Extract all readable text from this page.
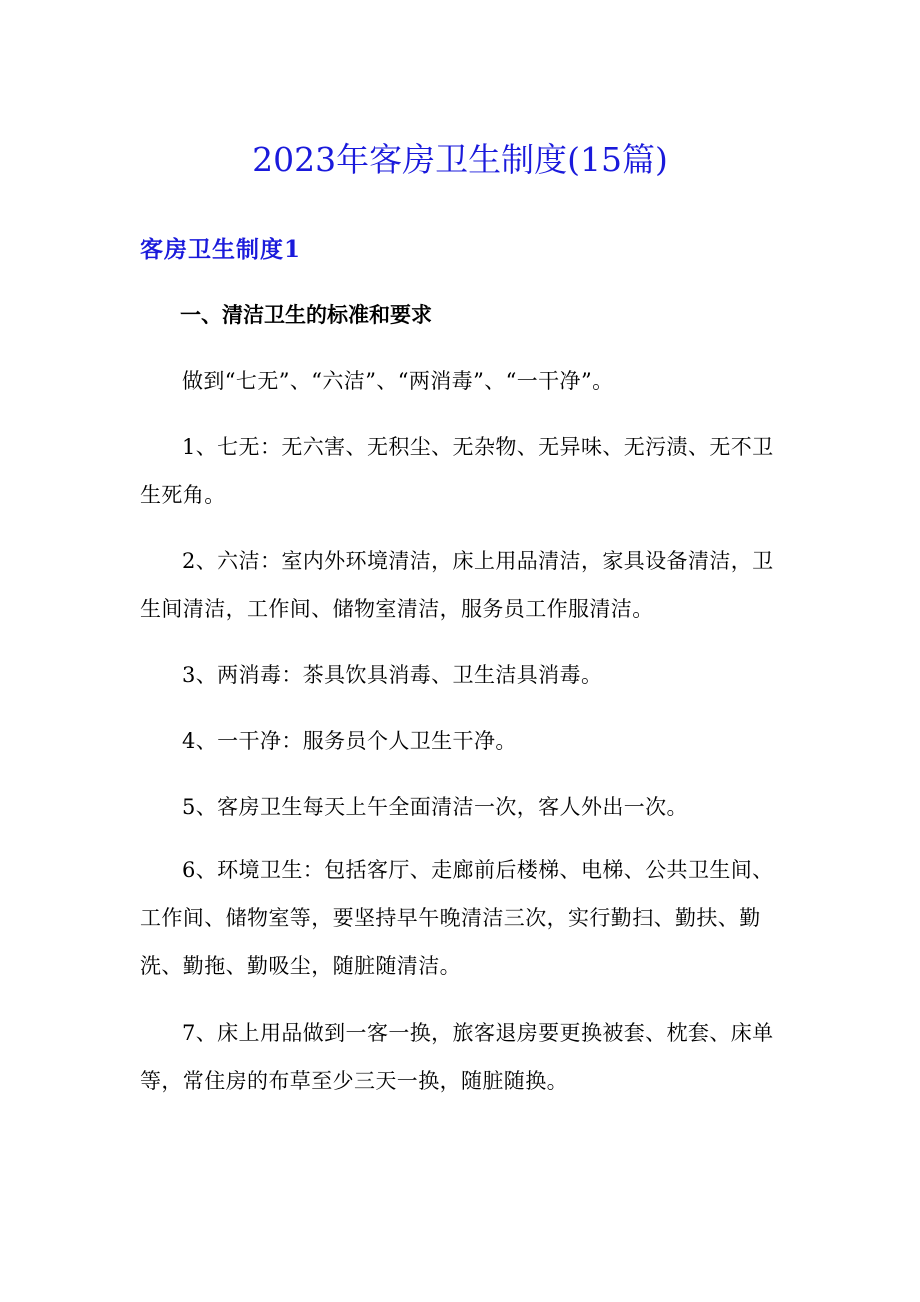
2023年客房卫生制度(15篇)
客房卫生制度1
一、清洁卫生的标准和要求

做到“七无”、“六洁”、“两消毒”、“一干净”。

1、七无：无六害、无积尘、无杂物、无异味、无污渍、无不卫生死角。

2、六洁：室内外环境清洁，床上用品清洁，家具设备清洁，卫生间清洁，工作间、储物室清洁，服务员工作服清洁。

3、两消毒：茶具饮具消毒、卫生洁具消毒。

4、一干净：服务员个人卫生干净。

5、客房卫生每天上午全面清洁一次，客人外出一次。

6、环境卫生：包括客厅、走廊前后楼梯、电梯、公共卫生间、工作间、储物室等，要坚持早午晚清洁三次，实行勤扫、勤扶、勤洗、勤拖、勤吸尘，随脏随清洁。

7、床上用品做到一客一换，旅客退房要更换被套、枕套、床单等，常住房的布草至少三天一换，随脏随换。
